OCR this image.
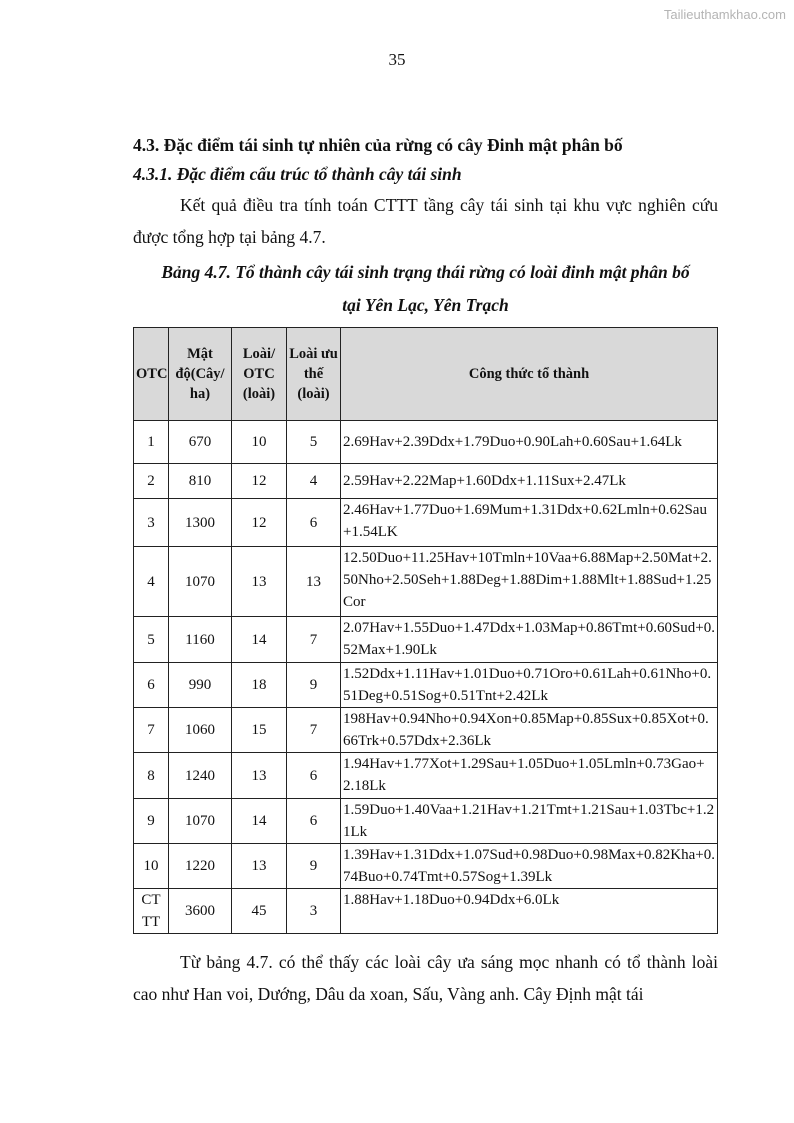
Tailieuthamkhao.com
35

4.3. Đặc điểm tái sinh tự nhiên của rừng có cây Đinh mật phân bố

4.3.1. Đặc điểm cấu trúc tổ thành cây tái sinh

Kết quả điều tra tính toán CTTT tầng cây tái sinh tại khu vực nghiên cứu được tổng hợp tại bảng 4.7.

Bảng 4.7. Tổ thành cây tái sinh trạng thái rừng có loài đinh mật phân bố

tại Yên Lạc, Yên Trạch

OTC	Mật độ(Cây/ ha)	Loài/ OTC (loài)	Loài ưu thế (loài)	Công thức tổ thành
1	670	10	5	2.69Hav+2.39Ddx+1.79Duo+0.90Lah+0.60Sau+1.64Lk
2	810	12	4	2.59Hav+2.22Map+1.60Ddx+1.11Sux+2.47Lk
3	1300	12	6	2.46Hav+1.77Duo+1.69Mum+1.31Ddx+0.62Lmln+0.62Sau+1.54LK
4	1070	13	13	12.50Duo+11.25Hav+10Tmln+10Vaa+6.88Map+2.50Mat+2.50Nho+2.50Seh+1.88Deg+1.88Dim+1.88Mlt+1.88Sud+1.25Cor
5	1160	14	7	2.07Hav+1.55Duo+1.47Ddx+1.03Map+0.86Tmt+0.60Sud+0.52Max+1.90Lk
6	990	18	9	1.52Ddx+1.11Hav+1.01Duo+0.71Oro+0.61Lah+0.61Nho+0.51Deg+0.51Sog+0.51Tnt+2.42Lk
7	1060	15	7	198Hav+0.94Nho+0.94Xon+0.85Map+0.85Sux+0.85Xot+0.66Trk+0.57Ddx+2.36Lk
8	1240	13	6	1.94Hav+1.77Xot+1.29Sau+1.05Duo+1.05Lmln+0.73Gao+2.18Lk
9	1070	14	6	1.59Duo+1.40Vaa+1.21Hav+1.21Tmt+1.21Sau+1.03Tbc+1.21Lk
10	1220	13	9	1.39Hav+1.31Ddx+1.07Sud+0.98Duo+0.98Max+0.82Kha+0.74Buo+0.74Tmt+0.57Sog+1.39Lk
CT TT	3600	45	3	1.88Hav+1.18Duo+0.94Ddx+6.0Lk

Từ bảng 4.7. có thể thấy các loài cây ưa sáng mọc nhanh có tổ thành loài cao như Han voi, Dướng, Dâu da xoan, Sấu, Vàng anh. Cây Định mật tái
